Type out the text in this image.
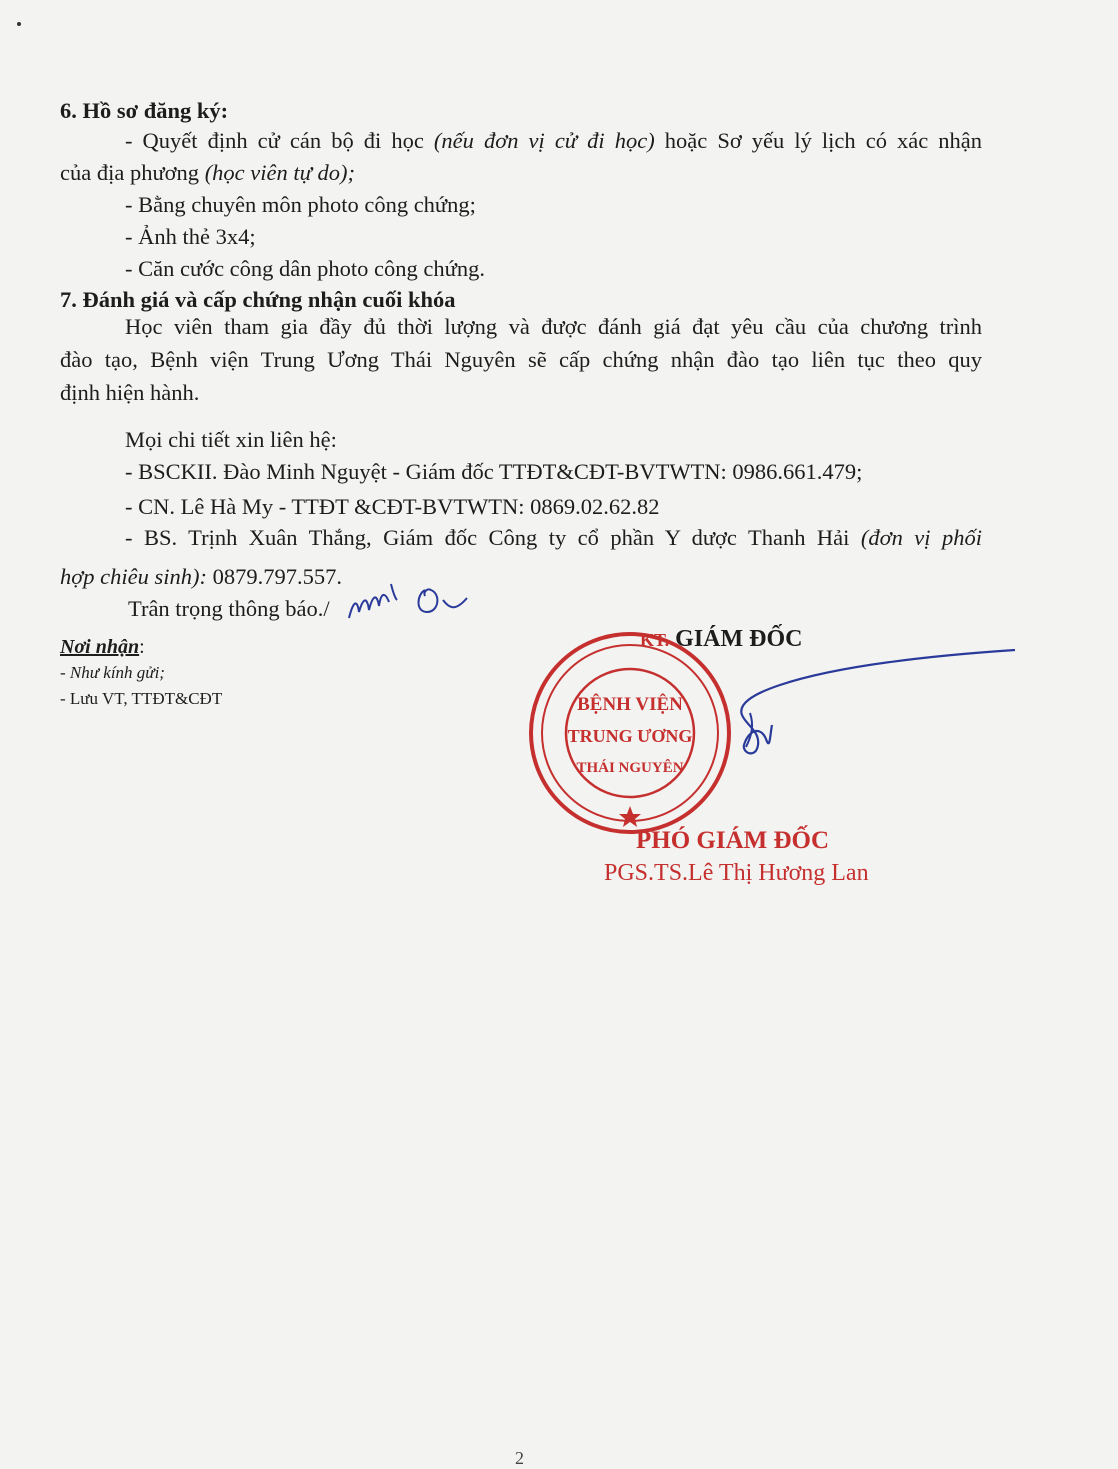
6. Hồ sơ đăng ký:
- Quyết định cử cán bộ đi học (nếu đơn vị cử đi học) hoặc Sơ yếu lý lịch có xác nhận
của địa phương (học viên tự do);
- Bằng chuyên môn photo công chứng;
- Ảnh thẻ 3x4;
- Căn cước công dân photo công chứng.
7. Đánh giá và cấp chứng nhận cuối khóa
Học viên tham gia đầy đủ thời lượng và được đánh giá đạt yêu cầu của chương trình
đào tạo, Bệnh viện Trung Ương Thái Nguyên sẽ cấp chứng nhận đào tạo liên tục theo quy
định hiện hành.
Mọi chi tiết xin liên hệ:
- BSCKII. Đào Minh Nguyệt - Giám đốc TTĐT&CĐT-BVTWTN: 0986.661.479;
- CN. Lê Hà My - TTĐT &CĐT-BVTWTN: 0869.02.62.82
- BS. Trịnh Xuân Thắng, Giám đốc Công ty cổ phần Y dược Thanh Hải (đơn vị phối
hợp chiêu sinh): 0879.797.557.
Trân trọng thông báo./
Nơi nhận:
- Như kính gửi;
- Lưu VT, TTĐT&CĐT
KT. GIÁM ĐỐC
BỆNH VIỆN
TRUNG ƯƠNG
THÁI NGUYÊN
PHÓ GIÁM ĐỐC
PGS.TS.Lê Thị Hương Lan
2
